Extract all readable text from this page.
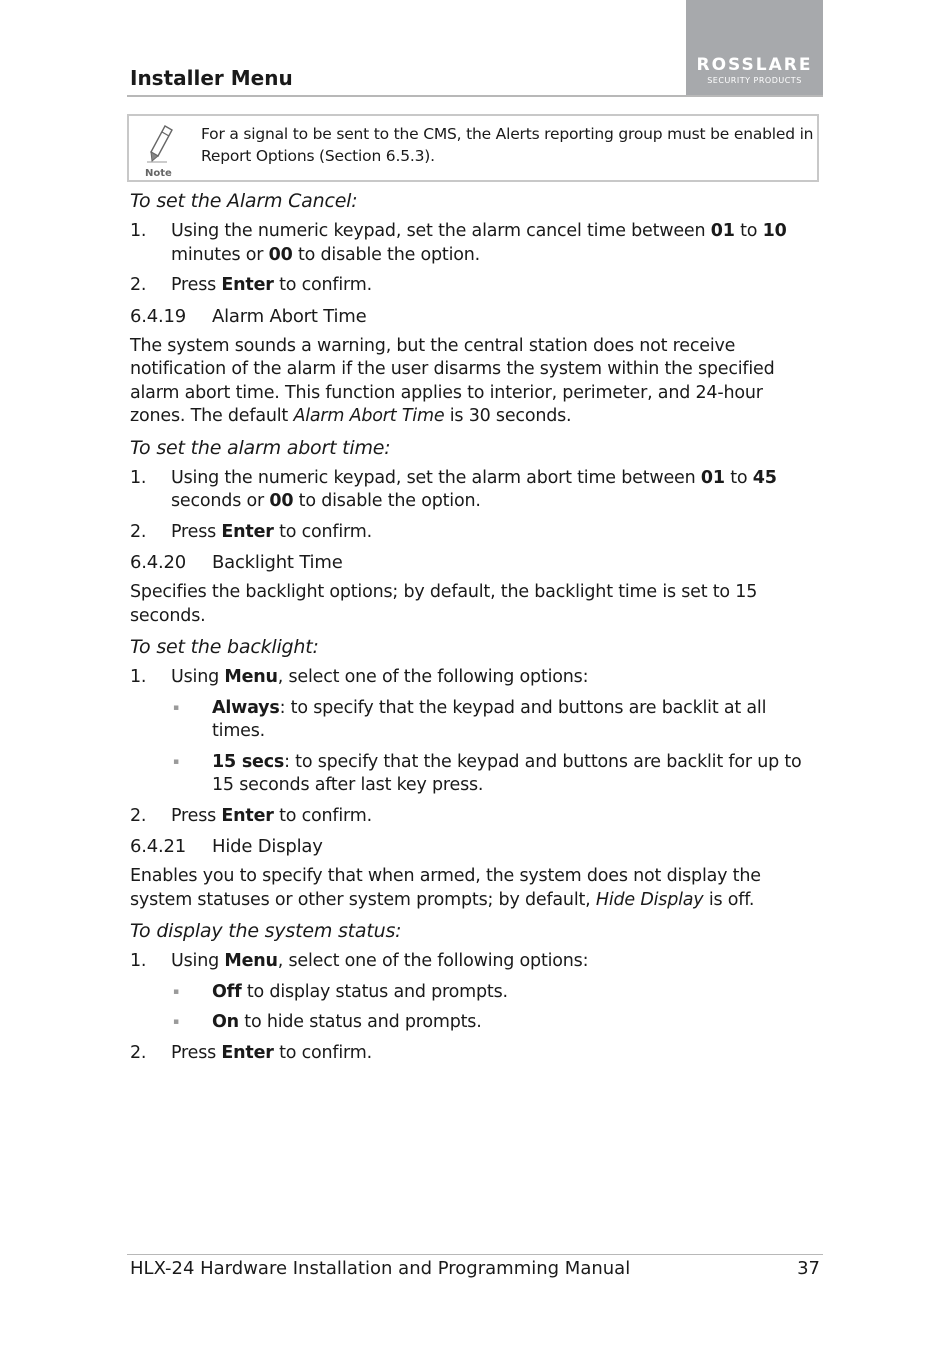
ROSSLARE
SECURITY PRODUCTS
Installer Menu
Note
For a signal to be sent to the CMS, the Alerts reporting group must be enabled in Report Options (Section 6.5.3).
To set the Alarm Cancel:
1.	Using the numeric keypad, set the alarm cancel time between 01 to 10 minutes or 00 to disable the option.
2.	Press Enter to confirm.
6.4.19	Alarm Abort Time
The system sounds a warning, but the central station does not receive notification of the alarm if the user disarms the system within the specified alarm abort time. This function applies to interior, perimeter, and 24-hour zones. The default Alarm Abort Time is 30 seconds.
To set the alarm abort time:
1.	Using the numeric keypad, set the alarm abort time between 01 to 45 seconds or 00 to disable the option.
2.	Press Enter to confirm.
6.4.20	Backlight Time
Specifies the backlight options; by default, the backlight time is set to 15 seconds.
To set the backlight:
1.	Using Menu, select one of the following options:
▪	Always: to specify that the keypad and buttons are backlit at all times.
▪	15 secs: to specify that the keypad and buttons are backlit for up to 15 seconds after last key press.
2.	Press Enter to confirm.
6.4.21	Hide Display
Enables you to specify that when armed, the system does not display the system statuses or other system prompts; by default, Hide Display is off.
To display the system status:
1.	Using Menu, select one of the following options:
▪	Off to display status and prompts.
▪	On to hide status and prompts.
2.	Press Enter to confirm.
HLX-24 Hardware Installation and Programming Manual	37
